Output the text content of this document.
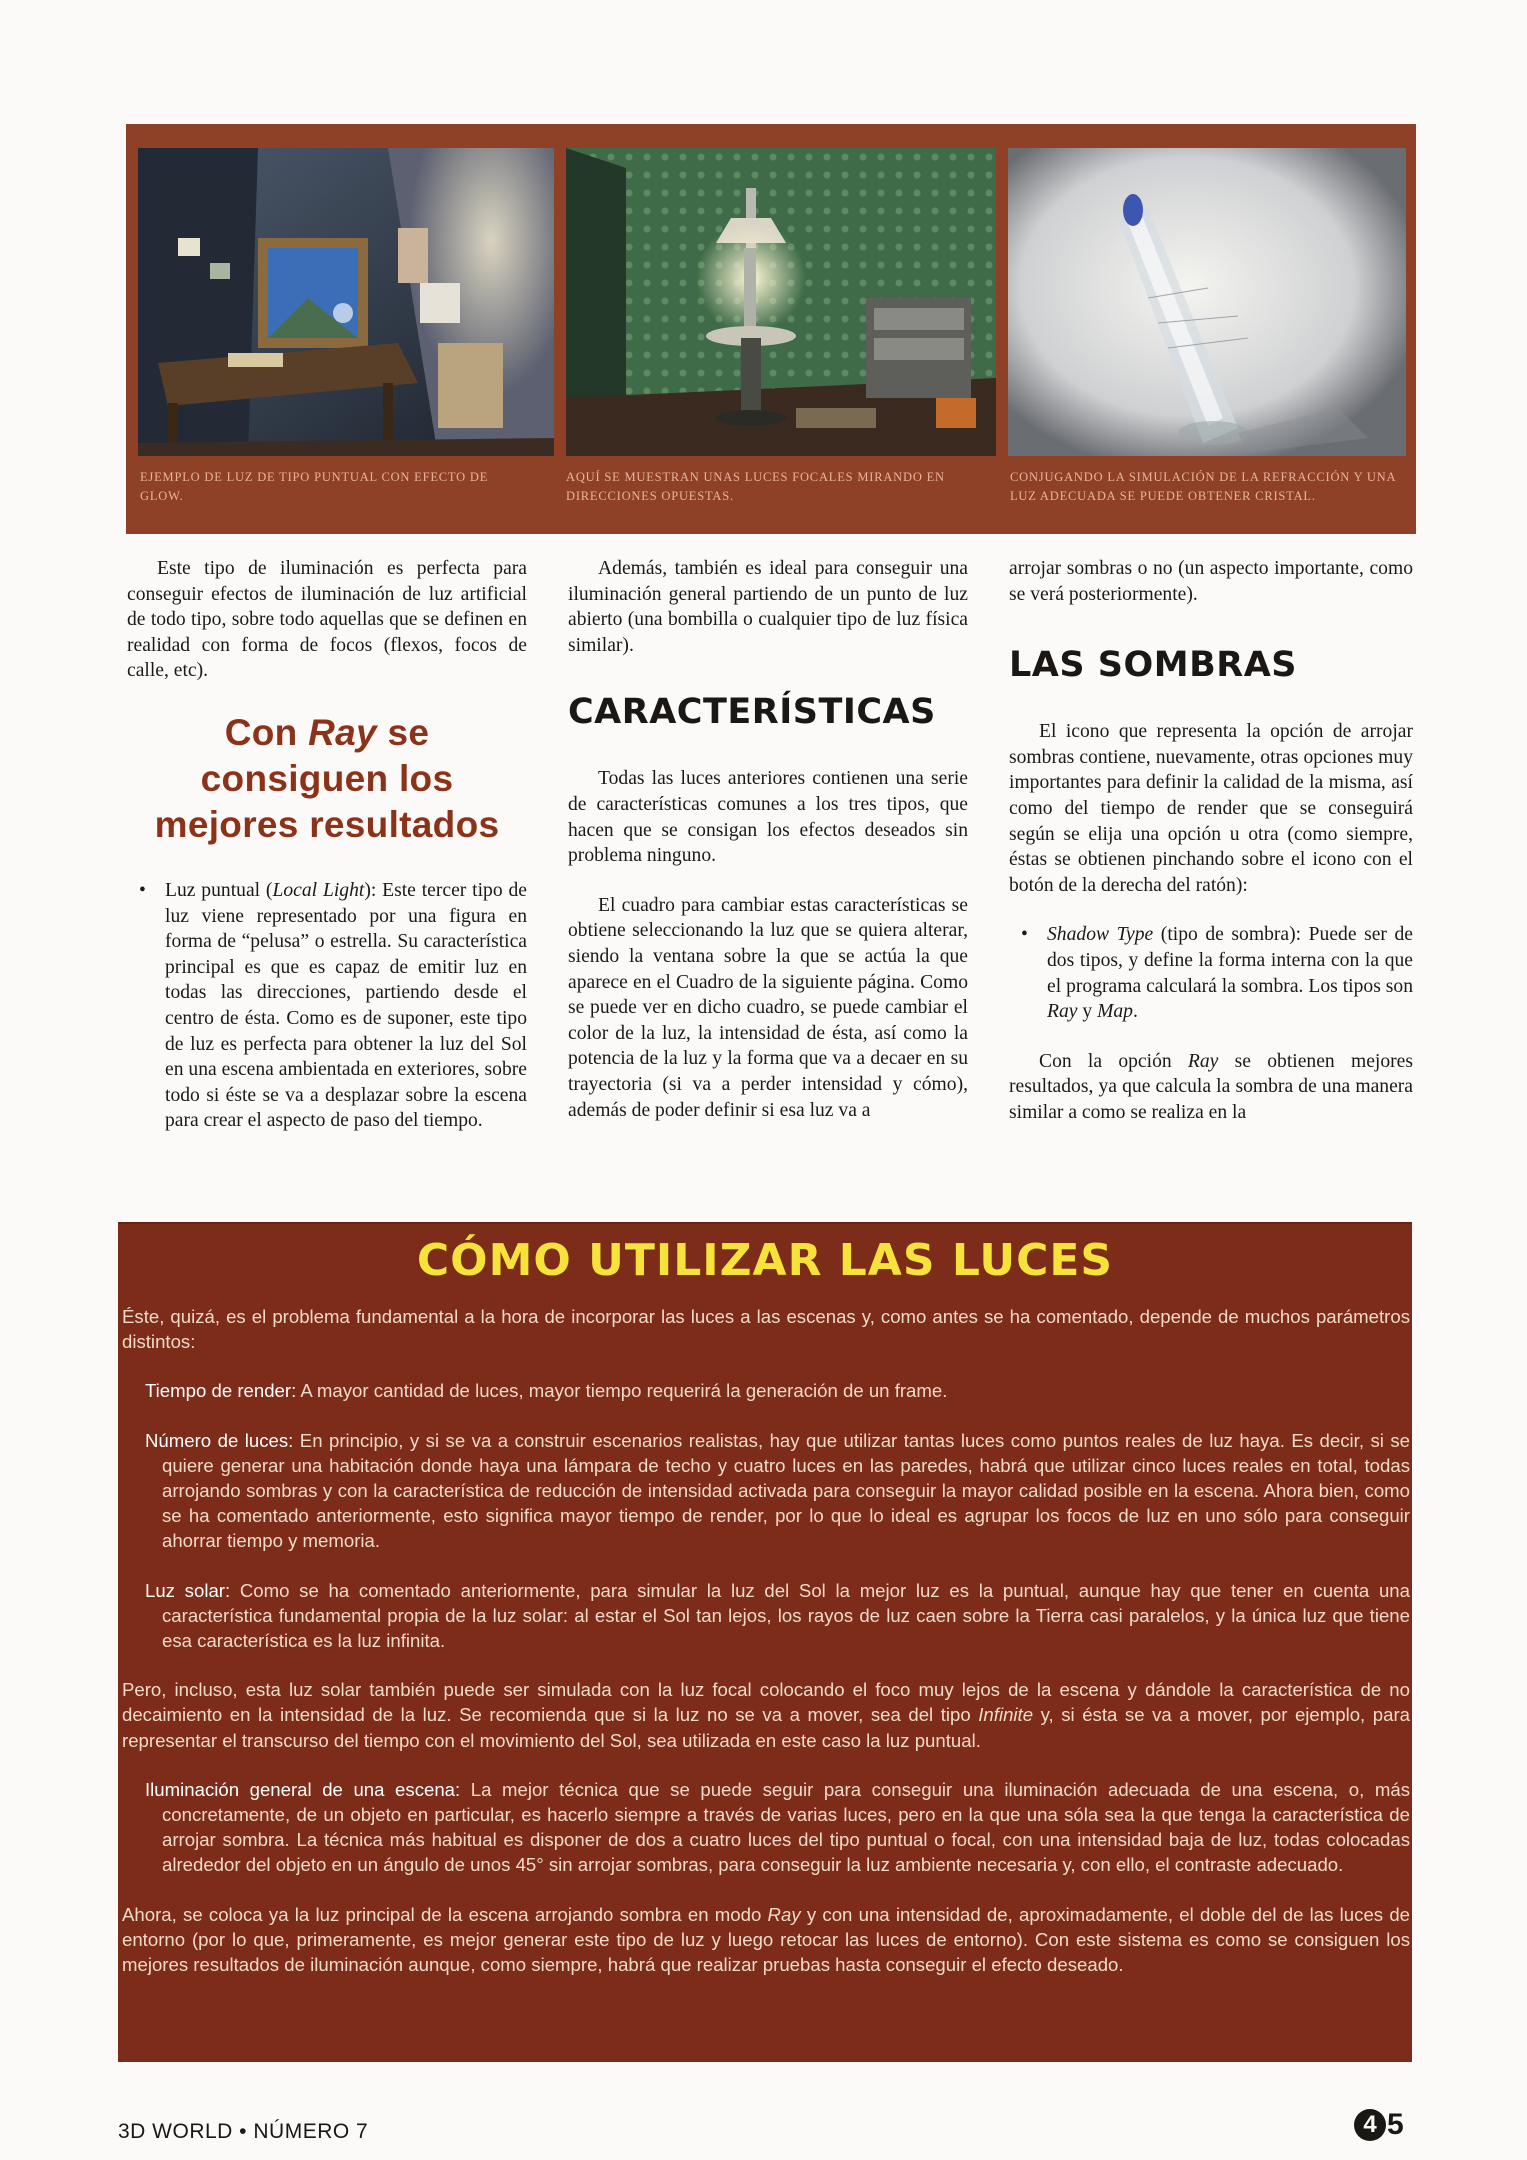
EJEMPLO DE LUZ DE TIPO PUNTUAL CON EFECTO DE GLOW.
AQUÍ SE MUESTRAN UNAS LUCES FOCALES MIRANDO EN DIRECCIONES OPUESTAS.
CONJUGANDO LA SIMULACIÓN DE LA REFRACCIÓN Y UNA LUZ ADECUADA SE PUEDE OBTENER CRISTAL.

Este tipo de iluminación es perfecta para conseguir efectos de iluminación de luz artificial de todo tipo, sobre todo aquellas que se definen en realidad con forma de focos (flexos, focos de calle, etc).

Con Ray se consiguen los mejores resultados
• Luz puntual (Local Light): Este tercer tipo de luz viene representado por una figura en forma de “pelusa” o estrella. Su característica principal es que es capaz de emitir luz en todas las direcciones, partiendo desde el centro de ésta. Como es de suponer, este tipo de luz es perfecta para obtener la luz del Sol en una escena ambientada en exteriores, sobre todo si éste se va a desplazar sobre la escena para crear el aspecto de paso del tiempo.

Además, también es ideal para conseguir una iluminación general partiendo de un punto de luz abierto (una bombilla o cualquier tipo de luz física similar).

CARACTERÍSTICAS

Todas las luces anteriores contienen una serie de características comunes a los tres tipos, que hacen que se consigan los efectos deseados sin problema ninguno.

El cuadro para cambiar estas características se obtiene seleccionando la luz que se quiera alterar, siendo la ventana sobre la que se actúa la que aparece en el Cuadro de la siguiente página. Como se puede ver en dicho cuadro, se puede cambiar el color de la luz, la intensidad de ésta, así como la potencia de la luz y la forma que va a decaer en su trayectoria (si va a perder intensidad y cómo), además de poder definir si esa luz va a

arrojar sombras o no (un aspecto importante, como se verá posteriormente).

LAS SOMBRAS

El icono que representa la opción de arrojar sombras contiene, nuevamente, otras opciones muy importantes para definir la calidad de la misma, así como del tiempo de render que se conseguirá según se elija una opción u otra (como siempre, éstas se obtienen pinchando sobre el icono con el botón de la derecha del ratón):

• Shadow Type (tipo de sombra): Puede ser de dos tipos, y define la forma interna con la que el programa calculará la sombra. Los tipos son Ray y Map.

Con la opción Ray se obtienen mejores resultados, ya que calcula la sombra de una manera similar a como se realiza en la

CÓMO UTILIZAR LAS LUCES

Éste, quizá, es el problema fundamental a la hora de incorporar las luces a las escenas y, como antes se ha comentado, depende de muchos parámetros distintos:

Tiempo de render: A mayor cantidad de luces, mayor tiempo requerirá la generación de un frame.

Número de luces: En principio, y si se va a construir escenarios realistas, hay que utilizar tantas luces como puntos reales de luz haya. Es decir, si se quiere generar una habitación donde haya una lámpara de techo y cuatro luces en las paredes, habrá que utilizar cinco luces reales en total, todas arrojando sombras y con la característica de reducción de intensidad activada para conseguir la mayor calidad posible en la escena. Ahora bien, como se ha comentado anteriormente, esto significa mayor tiempo de render, por lo que lo ideal es agrupar los focos de luz en uno sólo para conseguir ahorrar tiempo y memoria.

Luz solar: Como se ha comentado anteriormente, para simular la luz del Sol la mejor luz es la puntual, aunque hay que tener en cuenta una característica fundamental propia de la luz solar: al estar el Sol tan lejos, los rayos de luz caen sobre la Tierra casi paralelos, y la única luz que tiene esa característica es la luz infinita.

Pero, incluso, esta luz solar también puede ser simulada con la luz focal colocando el foco muy lejos de la escena y dándole la característica de no decaimiento en la intensidad de la luz. Se recomienda que si la luz no se va a mover, sea del tipo Infinite y, si ésta se va a mover, por ejemplo, para representar el transcurso del tiempo con el movimiento del Sol, sea utilizada en este caso la luz puntual.

Iluminación general de una escena: La mejor técnica que se puede seguir para conseguir una iluminación adecuada de una escena, o, más concretamente, de un objeto en particular, es hacerlo siempre a través de varias luces, pero en la que una sóla sea la que tenga la característica de arrojar sombra. La técnica más habitual es disponer de dos a cuatro luces del tipo puntual o focal, con una intensidad baja de luz, todas colocadas alrededor del objeto en un ángulo de unos 45° sin arrojar sombras, para conseguir la luz ambiente necesaria y, con ello, el contraste adecuado.

Ahora, se coloca ya la luz principal de la escena arrojando sombra en modo Ray y con una intensidad de, aproximadamente, el doble del de las luces de entorno (por lo que, primeramente, es mejor generar este tipo de luz y luego retocar las luces de entorno). Con este sistema es como se consiguen los mejores resultados de iluminación aunque, como siempre, habrá que realizar pruebas hasta conseguir el efecto deseado.

3D WORLD • NÚMERO 7	4 5
